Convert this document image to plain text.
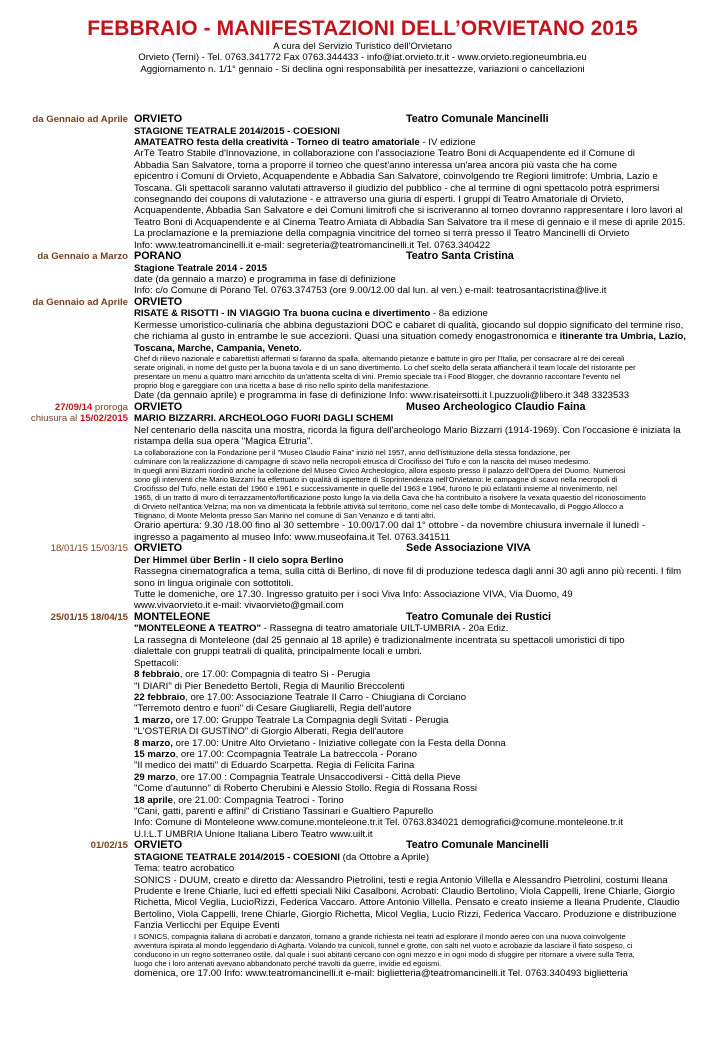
FEBBRAIO - MANIFESTAZIONI DELL’ORVIETANO 2015
A cura del Servizio Turistico dell'Orvietano
Orvieto (Terni) - Tel. 0763.341772 Fax 0763.344433 - info@iat.orvieto.tr.it - www.orvieto.regioneumbria.eu
Aggiornamento n. 1/1° gennaio - Si declina ogni responsabilità per inesattezze, variazioni o cancellazioni
da Gennaio ad Aprile ORVIETO	Teatro Comunale Mancinelli
STAGIONE TEATRALE 2014/2015 - COESIONI
AMATEATRO festa della creatività - Torneo di teatro amatoriale - IV edizione
ArTè Teatro Stabile d'Innovazione, in collaborazione con l'associazione Teatro Boni di Acquapendente ed il Comune di
Abbadia San Salvatore, torna a proporre il torneo che quest'anno interessa un'area ancora più vasta che ha come
epicentro i Comuni di Orvieto, Acquapendente e Abbadia San Salvatore, coinvolgendo tre Regioni limitrofe: Umbria, Lazio e
Toscana. Gli spettacoli saranno valutati attraverso il giudizio del pubblico - che al termine di ogni spettacolo potrà esprimersi
consegnando dei coupons di valutazione - e attraverso una giuria di esperti. I gruppi di Teatro Amatoriale di Orvieto,
Acquapendente, Abbadia San Salvatore e dei Comuni limitrofi che si iscriveranno al torneo dovranno rappresentare i loro lavori al
Teatro Boni di Acquapendente e al Cinema Teatro Amiata di Abbadia San Salvatore tra il mese di gennaio e il mese di aprile 2015.
La proclamazione e la premiazione della compagnia vincitrice del torneo si terrà presso il Teatro Mancinelli di Orvieto
Info: www.teatromancinelli.it e-mail: segreteria@teatromancinelli.it Tel. 0763.340422
da Gennaio a Marzo PORANO	Teatro Santa Cristina
Stagione Teatrale 2014 - 2015
date (da gennaio a marzo) e programma in fase di definizione
Info: c/o Comune di Porano Tel. 0763.374753 (ore 9.00/12.00 dal lun. al ven.) e-mail: teatrosantacristina@live.it
da Gennaio ad Aprile ORVIETO
RISATE & RISOTTI - IN VIAGGIO Tra buona cucina e divertimento - 8a edizione
Kermesse umoristico-culinaria che abbina degustazioni DOC e cabaret di qualità, giocando sul doppio significato del termine riso,
che richiama al gusto in entrambe le sue accezioni. Quasi una situation comedy enogastronomica e itinerante tra Umbria, Lazio,
Toscana, Marche, Campania, Veneto.
Chef di rilievo nazionale e cabarettisti affermati si faranno da spalla, alternando pietanze e battute in giro per l'Italia, per consacrare al re dei cereali
serate originali, in nome del gusto per la buona tavola e di un sano divertimento. Lo chef scelto della serata affiancherà il team locale del ristorante per
presentare un menu a quattro mani arricchito da un'attenta scelta di vini. Premio speciale tra i Food Blogger, che dovranno raccontare l'evento nel
proprio blog e gareggiare con una ricetta a base di riso nello spirito della manifestazione.
Date (da gennaio aprile) e programma in fase di definizione Info: www.risateirsotti.it l.puzzuoli@libero.it 348 3323533
27/09/14 proroga
chiusura al 15/02/2015
ORVIETO	Museo Archeologico Claudio Faina
MARIO BIZZARRI. ARCHEOLOGO FUORI DAGLI SCHEMI
Nel centenario della nascita una mostra, ricorda la figura dell'archeologo Mario Bizzarri (1914-1969). Con l'occasione è iniziata la
ristampa della sua opera "Magica Etruria".
La collaborazione con la Fondazione per il "Museo Claudio Faina" iniziò nel 1957, anno dell'istituzione della stessa fondazione, per
culminare con la realizzazione di campagne di scavo nella necropoli etrusca di Crocifisso del Tufo e con la nascita del museo medesimo.
In quegli anni Bizzarri riordinò anche la collezione del Museo Civico Archeologico, allora esposto presso il palazzo dell'Opera del Duomo. Numerosi
sono gli interventi che Mario Bizzarri ha effettuato in qualità di ispettore di Soprintendenza nell'Orvietano: le campagne di scavo nella necropoli di
Crocifisso del Tufo, nelle estati del 1960 e 1961 e successivamente in quelle del 1963 e 1964, furono le più eclatanti insieme al rinvenimento, nel
1965, di un tratto di muro di terrazzamento/fortificazione posto lungo la via della Cava che ha contribuito a risolvere la vexata quaestio del riconoscimento
di Orvieto nell'antica Velzna; ma non va dimenticata la febbrile attività sul territorio, come nel caso delle tombe di Montecavallo, di Poggio Allocco a
Titignano, di Monte Melonta presso San Marino nel comune di San Venanzo e di tanti altri.
Orario apertura: 9.30 /18.00 fino al 30 settembre - 10.00/17.00 dal 1° ottobre - da novembre chiusura invernale il lunedì -
ingresso a pagamento al museo Info: www.museofaina.it Tel. 0763.341511
18/01/15 15/03/15 ORVIETO	Sede Associazione VIVA
Der Himmel über Berlin - Il cielo sopra Berlino
Rassegna cinematografica a tema, sulla città di Berlino, di nove fil di produzione tedesca dagli anni 30 agli anno più recenti. I film
sono in lingua originale con sottotitoli.
Tutte le domeniche, ore 17.30. Ingresso gratuito per i soci Viva Info: Associazione VIVA, Via Duomo, 49
www.vivaorvieto.it e-mail: vivaorvieto@gmail.com
25/01/15 18/04/15 MONTELEONE	Teatro Comunale dei Rustici
"MONTELEONE A TEATRO" - Rassegna di teatro amatoriale UILT-UMBRIA - 20a Ediz.
La rassegna di Monteleone (dal 25 gennaio al 18 aprile) è tradizionalmente incentrata su spettacoli umoristici di tipo
dialettale con gruppi teatrali di qualità, principalmente locali e umbri.
Spettacoli:
8 febbraio, ore 17.00: Compagnia di teatro Si - Perugia
"I DIARI" di Pier Benedetto Bertoli, Regia di Maurilio Breccolenti
22 febbraio, ore 17.00: Associazione Teatrale Il Carro - Chiugiana di Corciano
"Terremoto dentro e fuori" di Cesare Giugliarelli, Regia dell'autore
1 marzo, ore 17.00: Gruppo Teatrale La Compagnia degli Svitati - Perugia
"L'OSTERIA DI GUSTINO" di Giorgio Alberati, Regia dell'autore
8 marzo, ore 17.00: Unitre Alto Orvietano - Iniziative collegate con la Festa della Donna
15 marzo, ore 17.00: Ccompagnia Teatrale La batreccola - Porano
"Il medico dei matti" di Eduardo Scarpetta. Regia di Felicita Farina
29 marzo, ore 17.00 : Compagnia Teatrale Unsaccodiversi - Città della Pieve
"Come d'autunno" di Roberto Cherubini e Alessio Stollo. Regia di Rossana Rossi
18 aprile, ore 21.00: Compagnia Teatroci - Torino
"Cani, gatti, parenti e affini" di Cristiano Tassinari e Gualtiero Papurello
Info: Comune di Monteleone www.comune.monteleone.tr.it Tel. 0763.834021 demografici@comune.monteleone.tr.it
U.I.L.T UMBRIA Unione Italiana Libero Teatro www.uilt.it
01/02/15 ORVIETO	Teatro Comunale Mancinelli
STAGIONE TEATRALE 2014/2015 - COESIONI (da Ottobre a Aprile)
Tema: teatro acrobatico
SONICS - DUUM, creato e diretto da: Alessandro Pietrolini, testi e regia Antonio Villella e Alessandro Pietrolini, costumi Ileana
Prudente e Irene Chiarle, luci ed effetti speciali Niki Casalboni. Acrobati: Claudio Bertolino, Viola Cappelli, Irene Chiarle, Giorgio
Richetta, Micol Veglia, LucioRizzi, Federica Vaccaro. Attore Antonio Villella. Pensato e creato insieme a Ileana Prudente, Claudio
Bertolino, Viola Cappelli, Irene Chiarle, Giorgio Richetta, Micol Veglia, Lucio Rizzi, Federica Vaccaro. Produzione e distribuzione
Fanzia Verlicchi per Equipe Eventi
I SONICS, compagnia italiana di acrobati e danzatori, tornano a grande richiesta nei teatri ad esplorare il mondo aereo con una nuova coinvolgente
avventura ispirata al mondo leggendario di Agharta. Volando tra cunicoli, tunnel e grotte, con salti nel vuoto e acrobazie da lasciare il fiato sospeso, ci
conducono in un regno sotterraneo ostile, dal quale i suoi abitanti cercano con ogni mezzo e in ogni modo di sfuggire per ritornare a vivere sulla Terra,
luogo che i loro antenati avevano abbandonato perché travolti da guerre, invidie ed egoismi.
domenica, ore 17.00 Info: www.teatromancinelli.it e-mail: biglietteria@teatromancinelli.it Tel. 0763.340493 biglietteria
